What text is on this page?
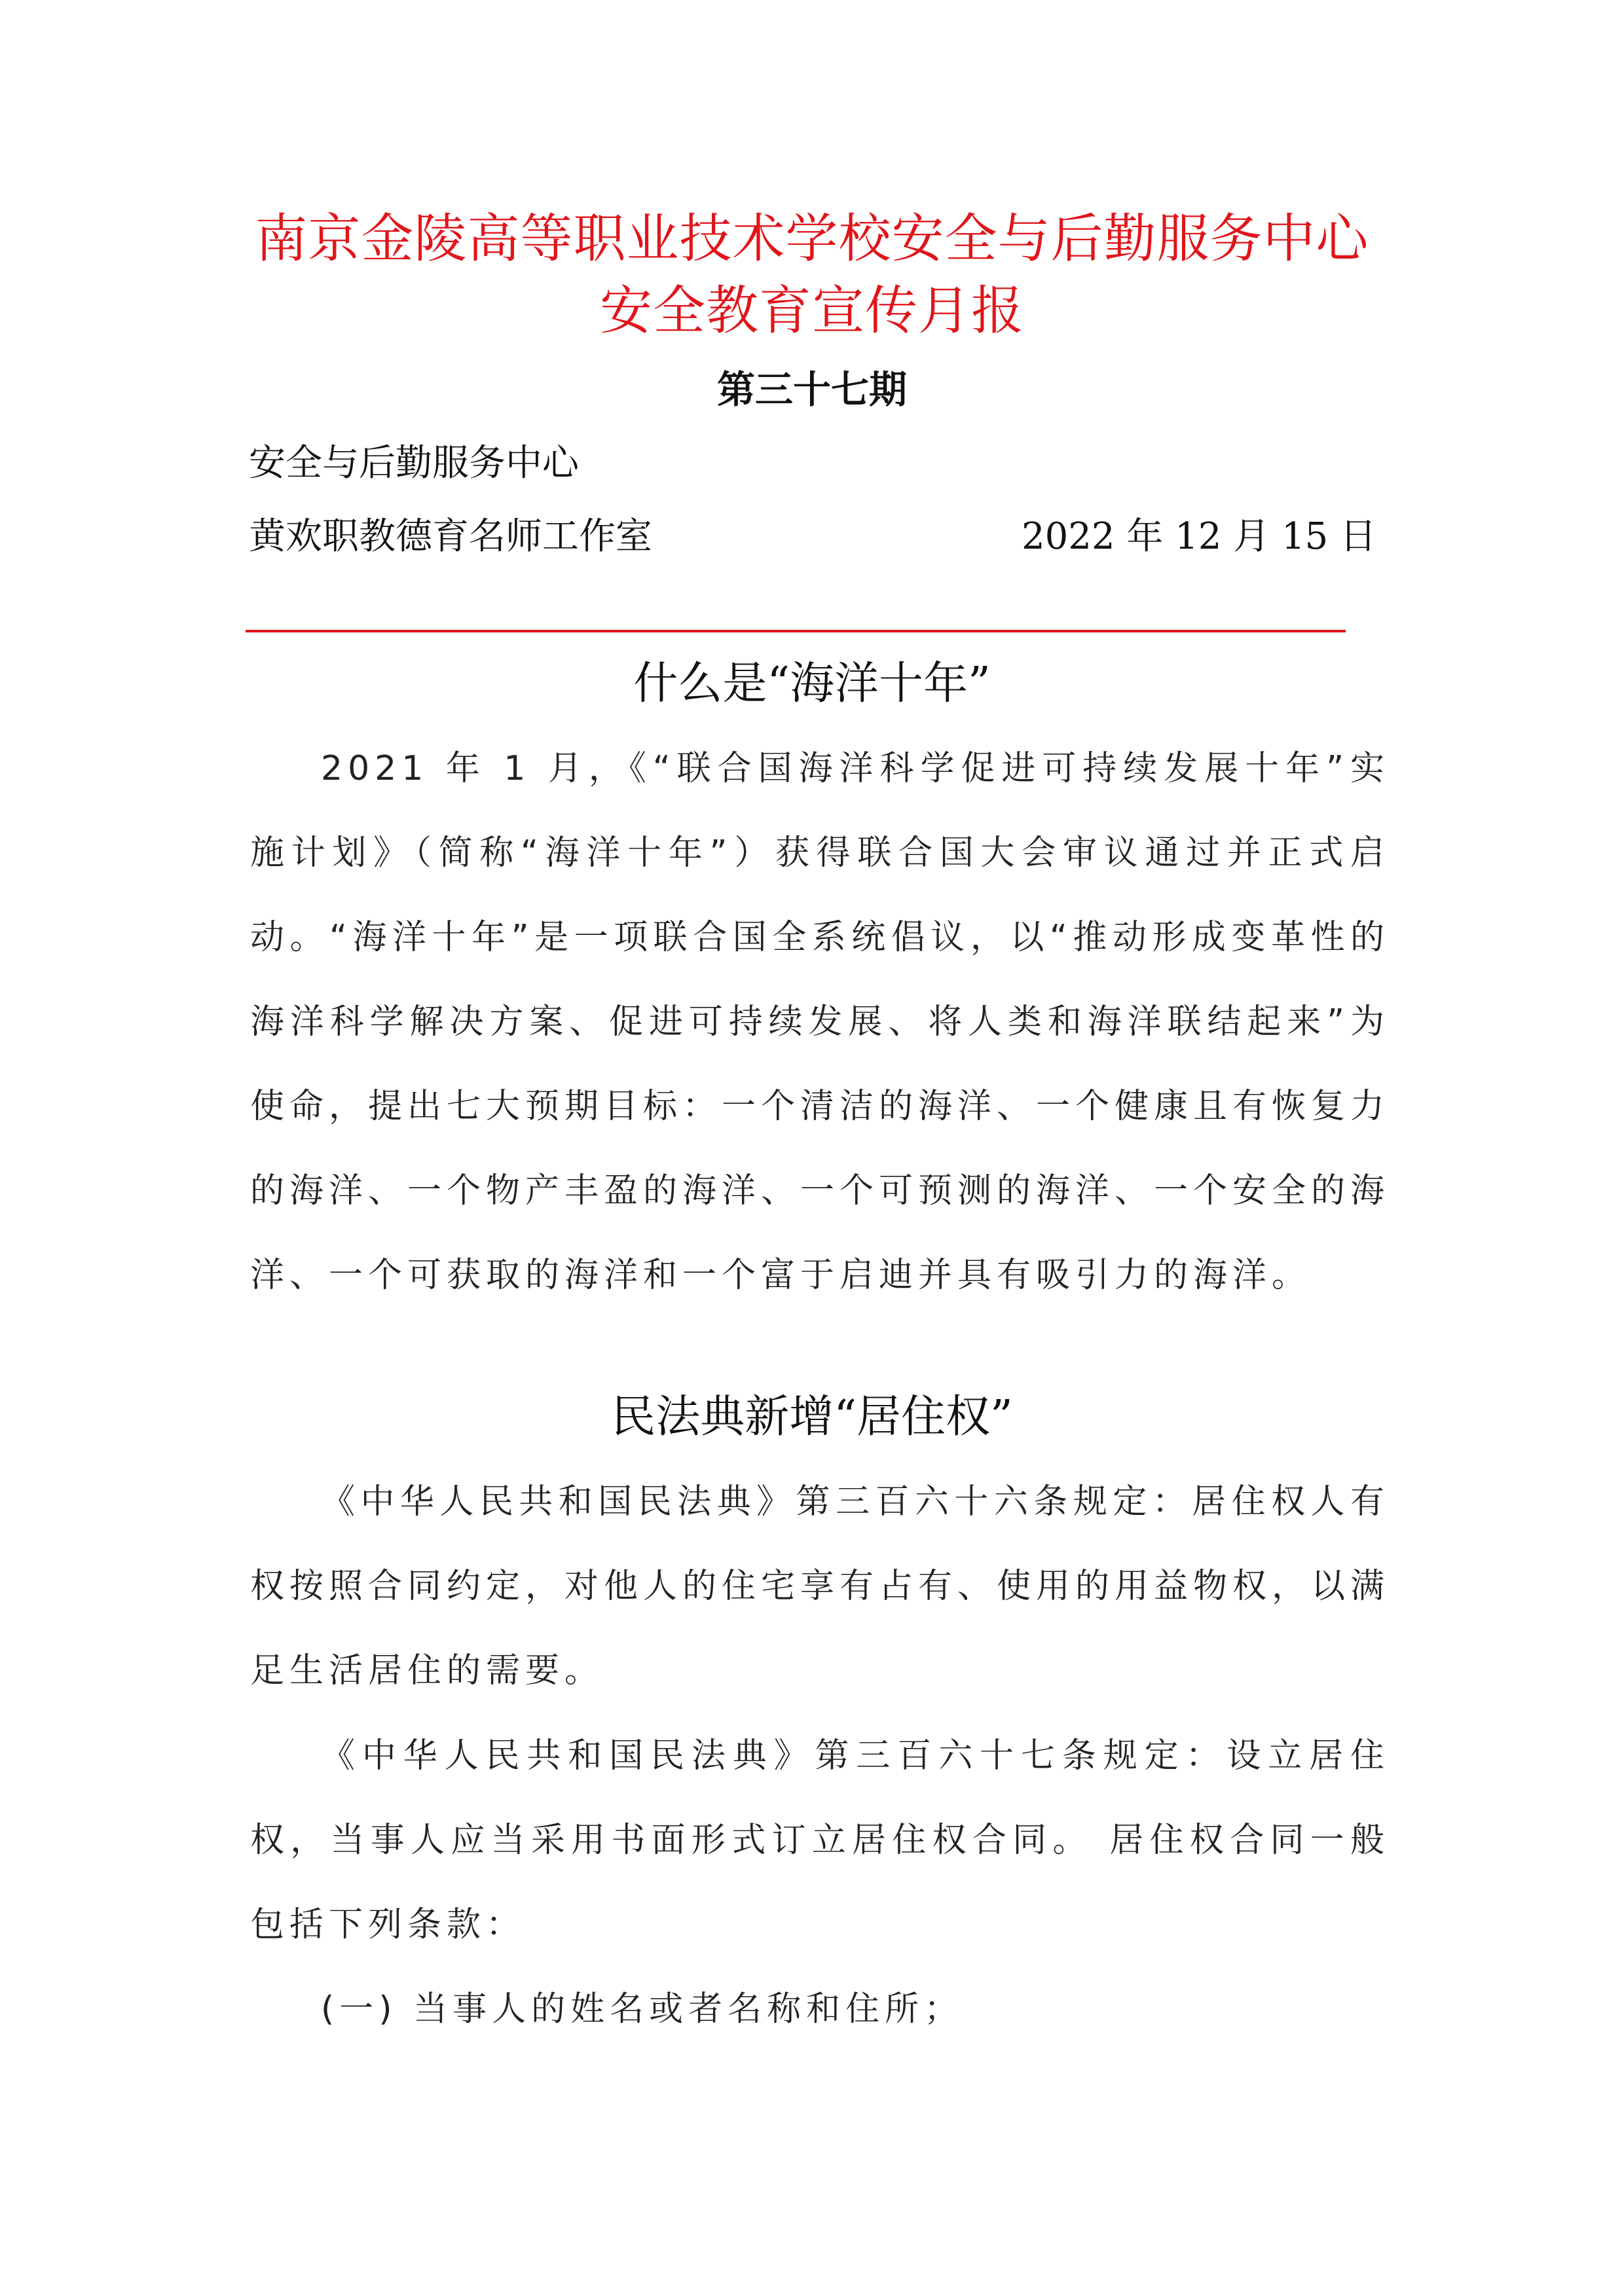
南京金陵高等职业技术学校安全与后勤服务中心
安全教育宣传月报
第三十七期
安全与后勤服务中心
黄欢职教德育名师工作室	2022 年 12 月 15 日
什么是“海洋十年”

2021 年 1 月，《“联合国海洋科学促进可持续发展十年”实施计划》（简称“海洋十年”）获得联合国大会审议通过并正式启动。“海洋十年”是一项联合国全系统倡议，以“推动形成变革性的海洋科学解决方案、促进可持续发展、将人类和海洋联结起来”为使命，提出七大预期目标：一个清洁的海洋、一个健康且有恢复力的海洋、一个物产丰盈的海洋、一个可预测的海洋、一个安全的海洋、一个可获取的海洋和一个富于启迪并具有吸引力的海洋。

民法典新增“居住权”

《中华人民共和国民法典》第三百六十六条规定：居住权人有权按照合同约定，对他人的住宅享有占有、使用的用益物权，以满足生活居住的需要。

《中华人民共和国民法典》第三百六十七条规定：设立居住权，当事人应当采用书面形式订立居住权合同。 居住权合同一般包括下列条款：

(一) 当事人的姓名或者名称和住所；
